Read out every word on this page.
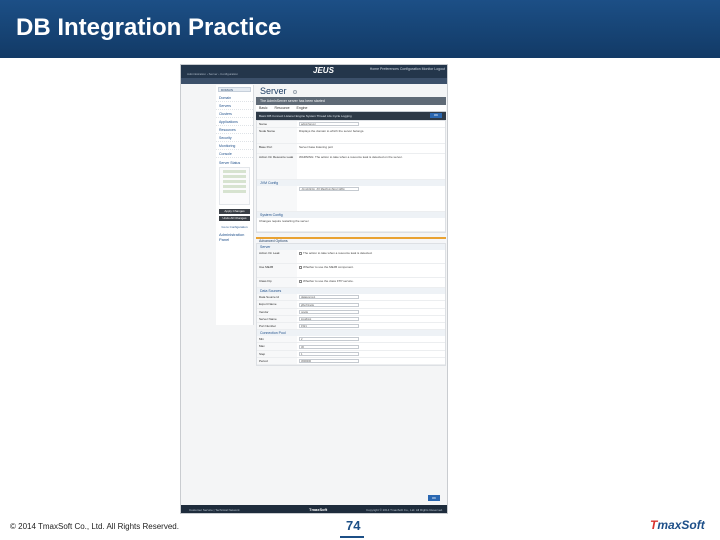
DB Integration Practice
JEUS	Home Preferences Configuration Monitor Logout
Administration › Server › Configuration
DOMAIN
Domain
Servers
Clusters
Applications
Resources
Security
Monitoring
Console
Server Status
Apply Changes
Undo All Changes
Go to Configuration
Administration Panel
Server
The AdminServer server has been started
Basic Resource Engine
OK
Basic DB Connect Listener Engine System Thread Life Cycle Logging
Name	adminServer
Node Name	Displays the domain to which the server belongs.
Base Port	Server base listening port
Action On Resource Leak	WARNING: The action to take when a resource leak is detected on the server.
JVM Config
-Xmx1024m -XX:MaxPermSize=128m
System Config
Changes require restarting the server
Advanced Options
Server
Action On Leak	The action to take when a resource leak is detected.
Use MEJB	Whether to use the MEJB component.
Class Ftp	Whether to use the class FTP service.
Data Sources
Data Source Id	datasource1
Export Name	jdbc/Oracle
Vendor	oracle
Server Name	localhost
Port Number	1521
Connection Pool
Min	2
Max	30
Step	1
Period	3600000
OK
Customer Service | Technical Network	TmaxSoft	Copyright © 2014 TmaxSoft Co., Ltd. All Rights Reserved.
© 2014 TmaxSoft Co., Ltd. All Rights Reserved.	74	TmaxSoft
